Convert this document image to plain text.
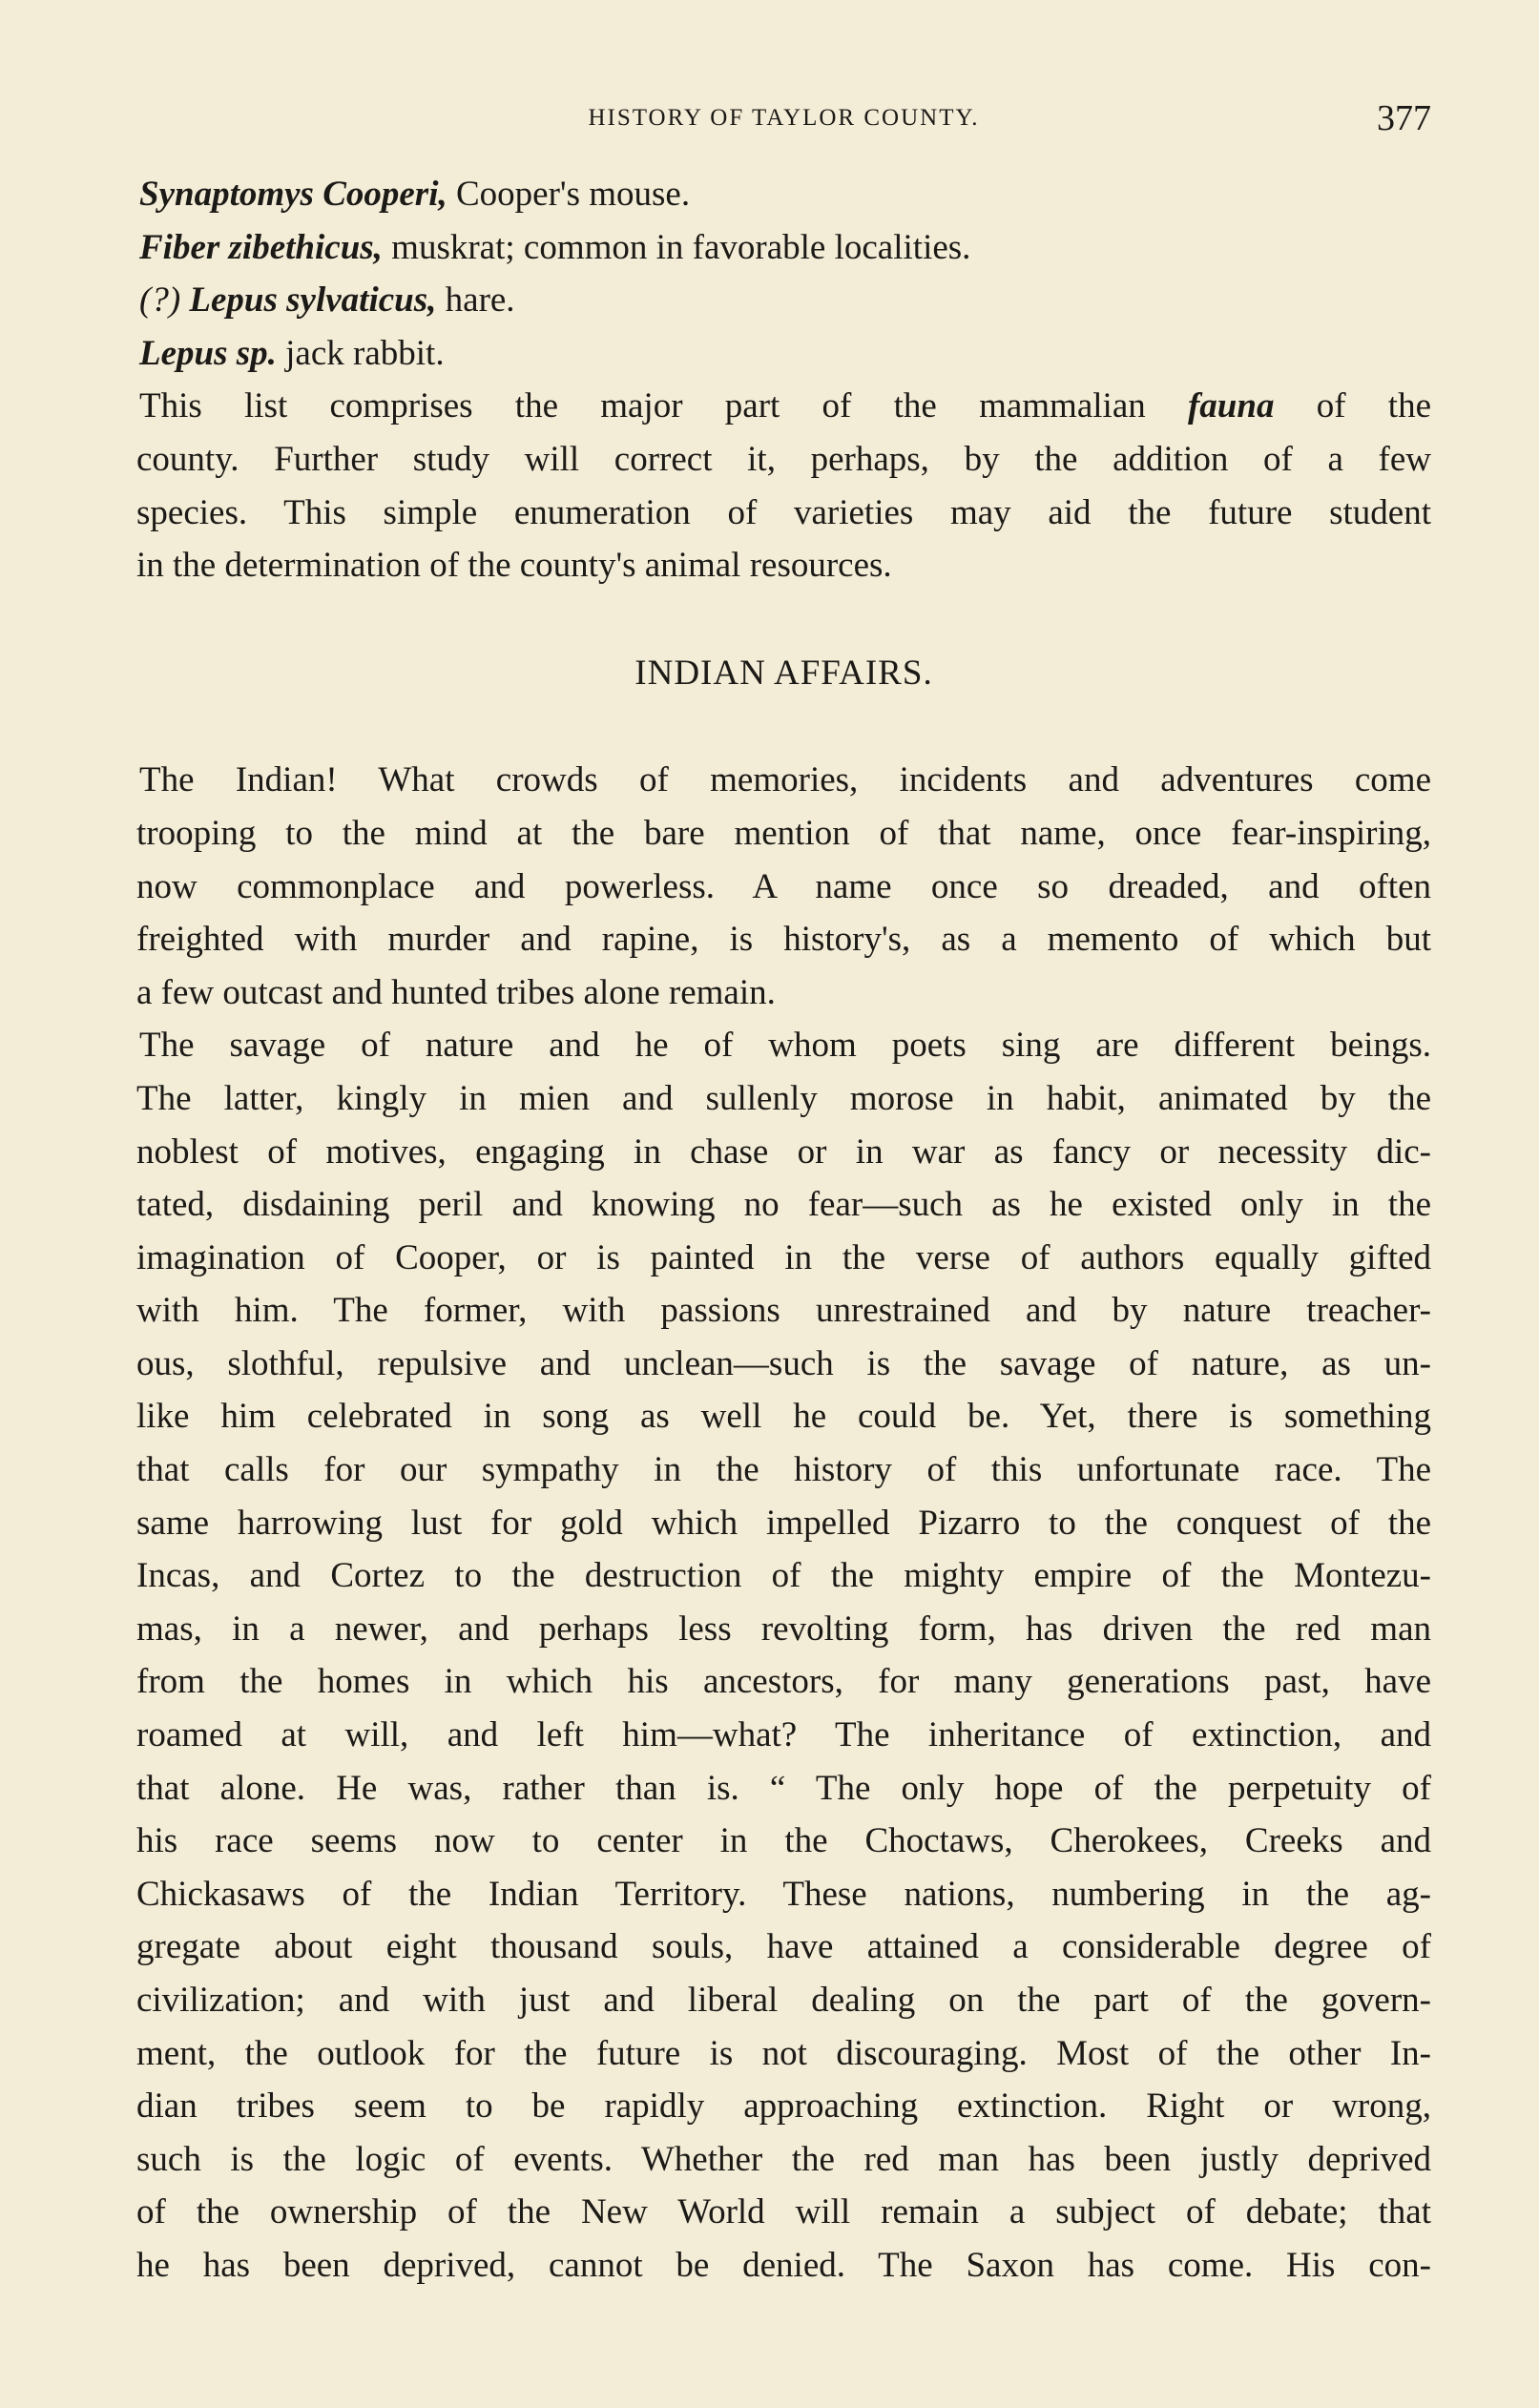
HISTORY OF TAYLOR COUNTY.	377
Synaptomys Cooperi, Cooper's mouse.
Fiber zibethicus, muskrat; common in favorable localities.
(?) Lepus sylvaticus, hare.
Lepus sp. jack rabbit.
This list comprises the major part of the mammalian fauna of the
county. Further study will correct it, perhaps, by the addition of a few
species. This simple enumeration of varieties may aid the future student
in the determination of the county's animal resources.
INDIAN AFFAIRS.
The Indian! What crowds of memories, incidents and adventures come
trooping to the mind at the bare mention of that name, once fear-inspiring,
now commonplace and powerless. A name once so dreaded, and often
freighted with murder and rapine, is history's, as a memento of which but
a few outcast and hunted tribes alone remain.
The savage of nature and he of whom poets sing are different beings.
The latter, kingly in mien and sullenly morose in habit, animated by the
noblest of motives, engaging in chase or in war as fancy or necessity dic-
tated, disdaining peril and knowing no fear—such as he existed only in the
imagination of Cooper, or is painted in the verse of authors equally gifted
with him. The former, with passions unrestrained and by nature treacher-
ous, slothful, repulsive and unclean—such is the savage of nature, as un-
like him celebrated in song as well he could be. Yet, there is something
that calls for our sympathy in the history of this unfortunate race. The
same harrowing lust for gold which impelled Pizarro to the conquest of the
Incas, and Cortez to the destruction of the mighty empire of the Montezu-
mas, in a newer, and perhaps less revolting form, has driven the red man
from the homes in which his ancestors, for many generations past, have
roamed at will, and left him—what? The inheritance of extinction, and
that alone. He was, rather than is. “ The only hope of the perpetuity of
his race seems now to center in the Choctaws, Cherokees, Creeks and
Chickasaws of the Indian Territory. These nations, numbering in the ag-
gregate about eight thousand souls, have attained a considerable degree of
civilization; and with just and liberal dealing on the part of the govern-
ment, the outlook for the future is not discouraging. Most of the other In-
dian tribes seem to be rapidly approaching extinction. Right or wrong,
such is the logic of events. Whether the red man has been justly deprived
of the ownership of the New World will remain a subject of debate; that
he has been deprived, cannot be denied. The Saxon has come. His con-
